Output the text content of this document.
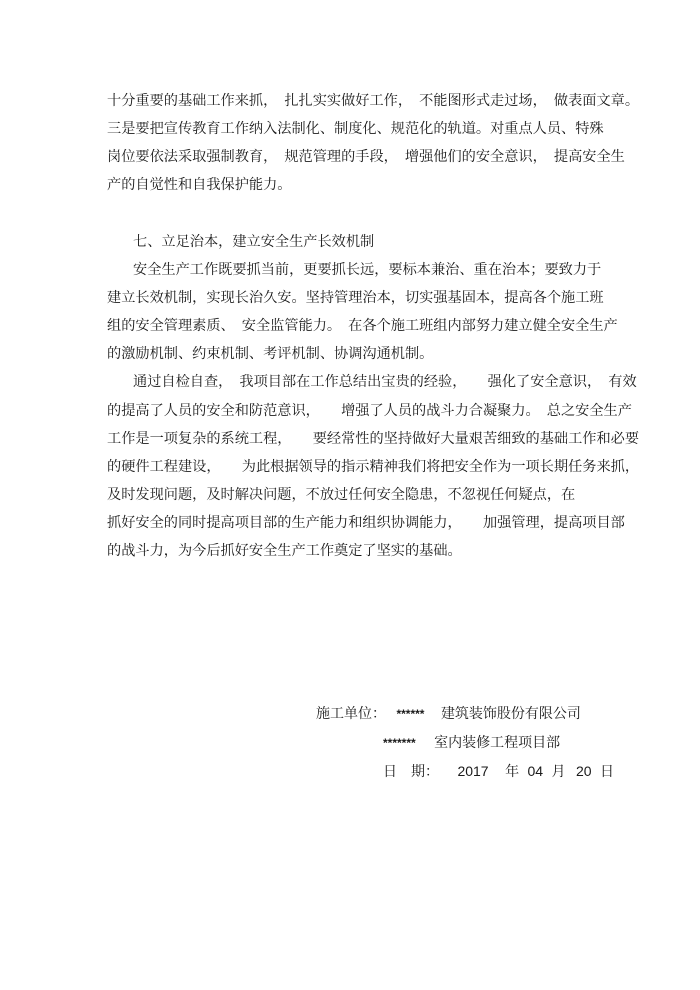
十分重要的基础工作来抓，　扎扎实实做好工作，　不能图形式走过场，　做表面文章。

三是要把宣传教育工作纳入法制化、制度化、规范化的轨道。对重点人员、特殊

岗位要依法采取强制教育，　规范管理的手段，　增强他们的安全意识，　提高安全生

产的自觉性和自我保护能力。

七、立足治本，建立安全生产长效机制

安全生产工作既要抓当前，更要抓长远，要标本兼治、重在治本；要致力于

建立长效机制，实现长治久安。坚持管理治本，切实强基固本，提高各个施工班

组的安全管理素质、　安全监管能力。　在各个施工班组内部努力建立健全安全生产

的激励机制、约束机制、考评机制、协调沟通机制。

通过自检自查，　我项目部在工作总结出宝贵的经验，　　强化了安全意识，　有效

的提高了人员的安全和防范意识，　　增强了人员的战斗力合凝聚力。　总之安全生产

工作是一项复杂的系统工程，　　要经常性的坚持做好大量艰苦细致的基础工作和必要

的硬件工程建设，　　为此根据领导的指示精神我们将把安全作为一项长期任务来抓，

及时发现问题，及时解决问题，不放过任何安全隐患，不忽视任何疑点，在

抓好安全的同时提高项目部的生产能力和组织协调能力，　　加强管理，提高项目部

的战斗力，为今后抓好安全生产工作奠定了坚实的基础。

施工单位： ****** 建筑装饰股份有限公司
******* 室内装修工程项目部
日　期： 2017 年 04 月 20 日
